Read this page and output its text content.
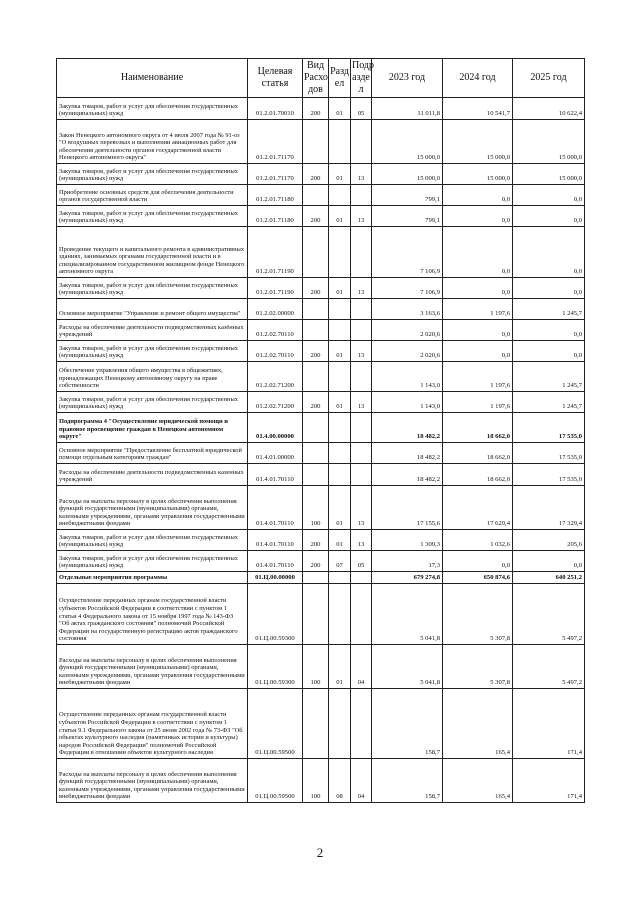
Наименование	Целевая статья	Вид Расхо дов	Разд ел	Подр азде л	2023 год	2024 год	2025 год
Закупка товаров, работ и услуг для обеспечения государственных (муниципальных) нужд	01.2.01.70010	200	01	05	11 011,8	10 541,7	10 622,4
Закон Ненецкого автономного округа от 4 июля 2007 года № 91-оз "О воздушных перевозках и выполнении авиационных работ для обеспечения деятельности органов государственной власти Ненецкого автономного округа"	01.2.01.71170				15 000,0	15 000,0	15 000,0
Закупка товаров, работ и услуг для обеспечения государственных (муниципальных) нужд	01.2.01.71170	200	01	13	15 000,0	15 000,0	15 000,0
Приобретение основных средств для обеспечения деятельности органов государственной власти	01.2.01.71180				799,1	0,0	0,0
Закупка товаров, работ и услуг для обеспечения государственных (муниципальных) нужд	01.2.01.71180	200	01	13	799,1	0,0	0,0
Проведение текущего и капитального ремонта в административных зданиях, занимаемых органами государственной власти и в специализированном государственном жилищном фонде Ненецкого автономного округа	01.2.01.71190				7 106,9	0,0	0,0
Закупка товаров, работ и услуг для обеспечения государственных (муниципальных) нужд	01.2.01.71190	200	01	13	7 106,9	0,0	0,0
Основное мероприятие "Управление и ремонт общего имущества"	01.2.02.00000				3 163,6	1 197,6	1 245,7
Расходы на обеспечение деятельности подведомственных казённых учреждений	01.2.02.70110				2 020,6	0,0	0,0
Закупка товаров, работ и услуг для обеспечения государственных (муниципальных) нужд	01.2.02.70110	200	01	13	2 020,6	0,0	0,0
Обеспечение управления общего имущества в общежитиях, принадлежащих Ненецкому автономному округу на праве собственности	01.2.02.71200				1 143,0	1 197,6	1 245,7
Закупка товаров, работ и услуг для обеспечения государственных (муниципальных) нужд	01.2.02.71200	200	01	13	1 143,0	1 197,6	1 245,7
Подпрограмма 4 "Осуществление юридической помощи и правовое просвещение граждан в Ненецком автономном округе"	01.4.00.00000				18 482,2	18 662,0	17 535,0
Основное мероприятие "Предоставление бесплатной юридической помощи отдельным категориям граждан"	01.4.01.00000				18 482,2	18 662,0	17 535,0
Расходы на обеспечение деятельности подведомственных казенных учреждений	01.4.01.70110				18 482,2	18 662,0	17 535,0
Расходы на выплаты персоналу в целях обеспечения выполнения функций государственными (муниципальными) органами, казенными учреждениями, органами управления государственными внебюджетными фондами	01.4.01.70110	100	01	13	17 155,6	17 629,4	17 329,4
Закупка товаров, работ и услуг для обеспечения государственных (муниципальных) нужд	01.4.01.70110	200	01	13	1 309,3	1 032,6	205,6
Закупка товаров, работ и услуг для обеспечения государственных (муниципальных) нужд	01.4.01.70110	200	07	05	17,3	0,0	0,0
Отдельные мероприятия программы	01.Ц.00.00000				679 274,8	650 874,6	640 251,2
Осуществление переданных органам государственной власти субъектов Российской Федерации в соответствии с пунктом 1 статьи 4 Федерального закона от 15 ноября 1997 года № 143-ФЗ "Об актах гражданского состояния" полномочий Российской Федерации на государственную регистрацию актов гражданского состояния	01.Ц.00.59300				5 041,8	5 307,8	5 497,2
Расходы на выплаты персоналу в целях обеспечения выполнения функций государственными (муниципальными) органами, казенными учреждениями, органами управления государственными внебюджетными фондами	01.Ц.00.59300	100	01	04	5 041,8	5 307,8	5 497,2
Осуществление переданных органам государственной власти субъектов Российской Федерации в соответствии с пунктом 1 статьи 9.1 Федерального закона от 25 июня 2002 года № 73-ФЗ "Об объектах культурного наследия (памятниках истории и культуры) народов Российской Федерации" полномочий Российской Федерации в отношении объектов культурного наследия	01.Ц.00.59500				158,7	165,4	171,4
Расходы на выплаты персоналу в целях обеспечения выполнения функций государственными (муниципальными) органами, казенными учреждениями, органами управления государственными внебюджетными фондами	01.Ц.00.59500	100	08	04	158,7	165,4	171,4
2
